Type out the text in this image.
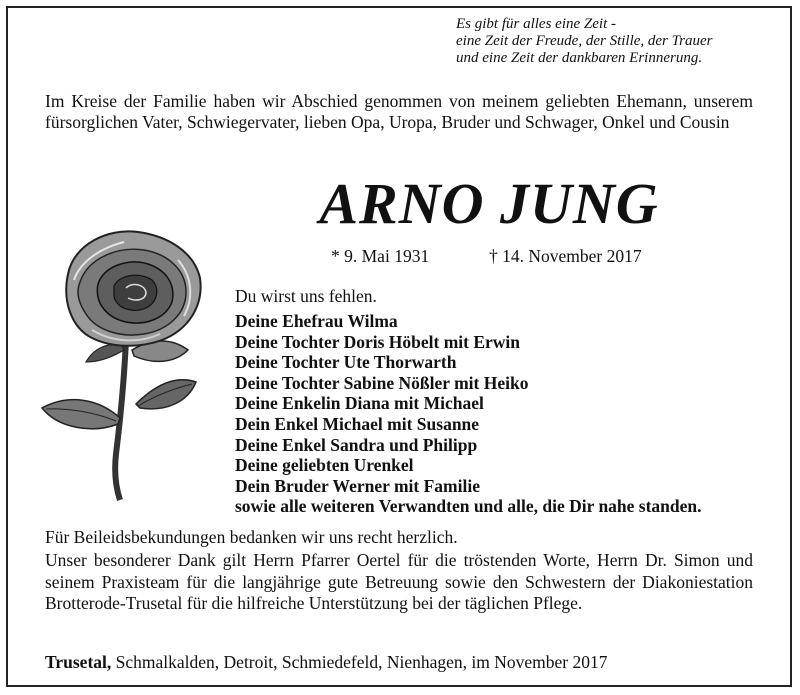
Es gibt für alles eine Zeit -
eine Zeit der Freude, der Stille, der Trauer
und eine Zeit der dankbaren Erinnerung.
Im Kreise der Familie haben wir Abschied genommen von meinem geliebten Ehemann, unserem fürsorglichen Vater, Schwiegervater, lieben Opa, Uropa, Bruder und Schwager, Onkel und Cousin
ARNO JUNG
* 9. Mai 1931	† 14. November 2017
Du wirst uns fehlen.
Deine Ehefrau Wilma
Deine Tochter Doris Höbelt mit Erwin
Deine Tochter Ute Thorwarth
Deine Tochter Sabine Nößler mit Heiko
Deine Enkelin Diana mit Michael
Dein Enkel Michael mit Susanne
Deine Enkel Sandra und Philipp
Deine geliebten Urenkel
Dein Bruder Werner mit Familie
sowie alle weiteren Verwandten und alle, die Dir nahe standen.
Für Beileidsbekundungen bedanken wir uns recht herzlich.
Unser besonderer Dank gilt Herrn Pfarrer Oertel für die tröstenden Worte, Herrn Dr. Simon und seinem Praxisteam für die langjährige gute Betreuung sowie den Schwestern der Diakoniestation Brotterode-Trusetal für die hilfreiche Unterstützung bei der täglichen Pflege.
Trusetal, Schmalkalden, Detroit, Schmiedefeld, Nienhagen, im November 2017
